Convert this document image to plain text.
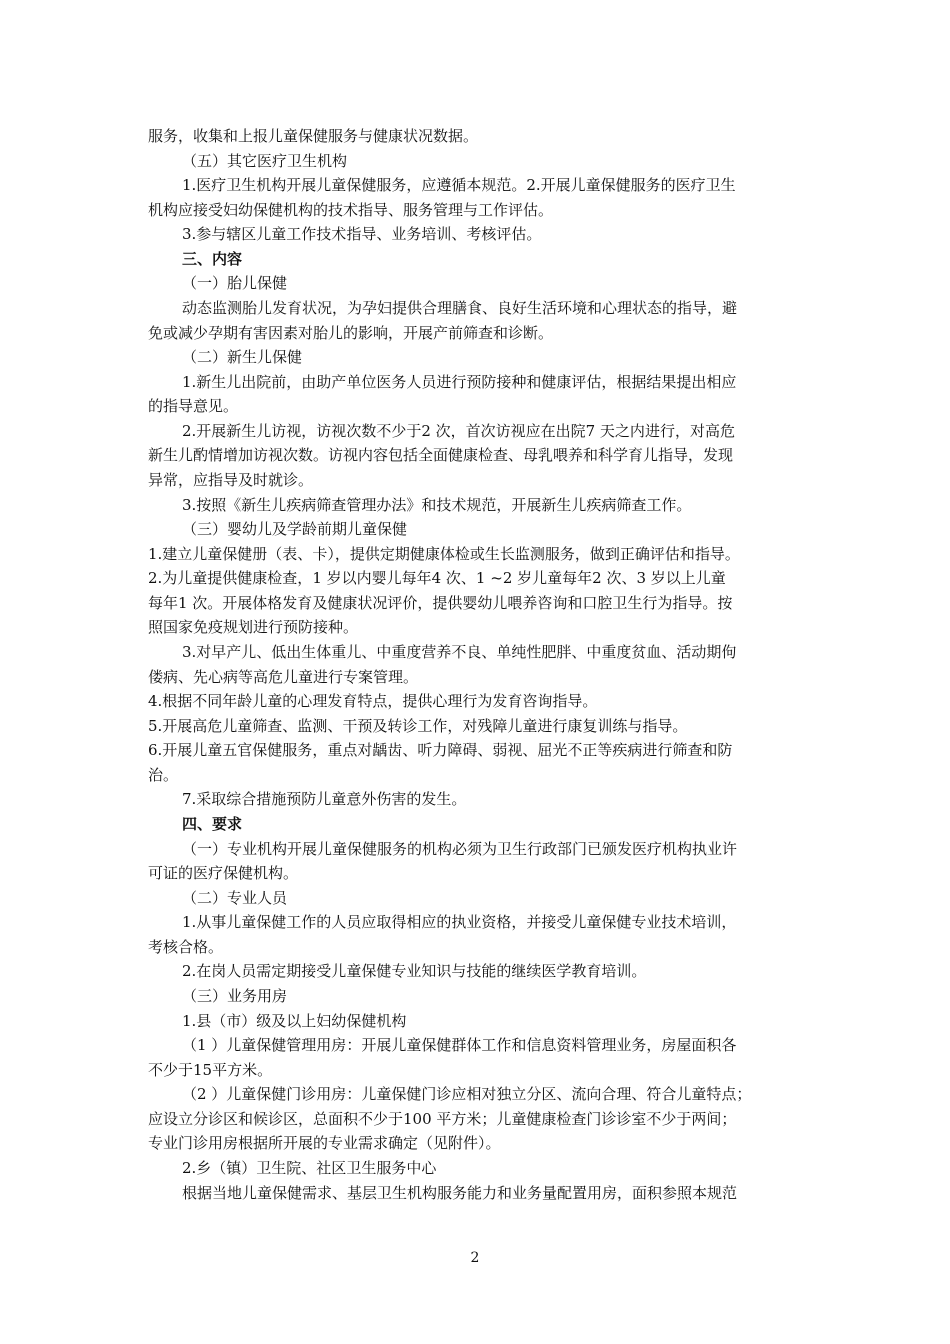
服务，收集和上报儿童保健服务与健康状况数据。
（五）其它医疗卫生机构
1.医疗卫生机构开展儿童保健服务，应遵循本规范。2.开展儿童保健服务的医疗卫生
机构应接受妇幼保健机构的技术指导、服务管理与工作评估。
3.参与辖区儿童工作技术指导、业务培训、考核评估。
三、内容
（一）胎儿保健
动态监测胎儿发育状况，为孕妇提供合理膳食、良好生活环境和心理状态的指导，避
免或减少孕期有害因素对胎儿的影响，开展产前筛查和诊断。
（二）新生儿保健
1.新生儿出院前，由助产单位医务人员进行预防接种和健康评估，根据结果提出相应
的指导意见。
2.开展新生儿访视，访视次数不少于2 次，首次访视应在出院7 天之内进行，对高危
新生儿酌情增加访视次数。访视内容包括全面健康检查、母乳喂养和科学育儿指导，发现
异常，应指导及时就诊。
3.按照《新生儿疾病筛查管理办法》和技术规范，开展新生儿疾病筛查工作。
（三）婴幼儿及学龄前期儿童保健
1.建立儿童保健册（表、卡），提供定期健康体检或生长监测服务，做到正确评估和指导。
2.为儿童提供健康检查，1 岁以内婴儿每年4 次、1 ~2 岁儿童每年2 次、3 岁以上儿童
每年1 次。开展体格发育及健康状况评价，提供婴幼儿喂养咨询和口腔卫生行为指导。按
照国家免疫规划进行预防接种。
3.对早产儿、低出生体重儿、中重度营养不良、单纯性肥胖、中重度贫血、活动期佝
偻病、先心病等高危儿童进行专案管理。
4.根据不同年龄儿童的心理发育特点，提供心理行为发育咨询指导。
5.开展高危儿童筛查、监测、干预及转诊工作，对残障儿童进行康复训练与指导。
6.开展儿童五官保健服务，重点对龋齿、听力障碍、弱视、屈光不正等疾病进行筛查和防
治。
7.采取综合措施预防儿童意外伤害的发生。
四、要求
（一）专业机构开展儿童保健服务的机构必须为卫生行政部门已颁发医疗机构执业许
可证的医疗保健机构。
（二）专业人员
1.从事儿童保健工作的人员应取得相应的执业资格，并接受儿童保健专业技术培训，
考核合格。
2.在岗人员需定期接受儿童保健专业知识与技能的继续医学教育培训。
（三）业务用房
1.县（市）级及以上妇幼保健机构
（1 ）儿童保健管理用房：开展儿童保健群体工作和信息资料管理业务，房屋面积各
不少于15平方米。
（2 ）儿童保健门诊用房：儿童保健门诊应相对独立分区、流向合理、符合儿童特点；
应设立分诊区和候诊区，总面积不少于100 平方米；儿童健康检查门诊诊室不少于两间；
专业门诊用房根据所开展的专业需求确定（见附件）。
2.乡（镇）卫生院、社区卫生服务中心
根据当地儿童保健需求、基层卫生机构服务能力和业务量配置用房，面积参照本规范
2
